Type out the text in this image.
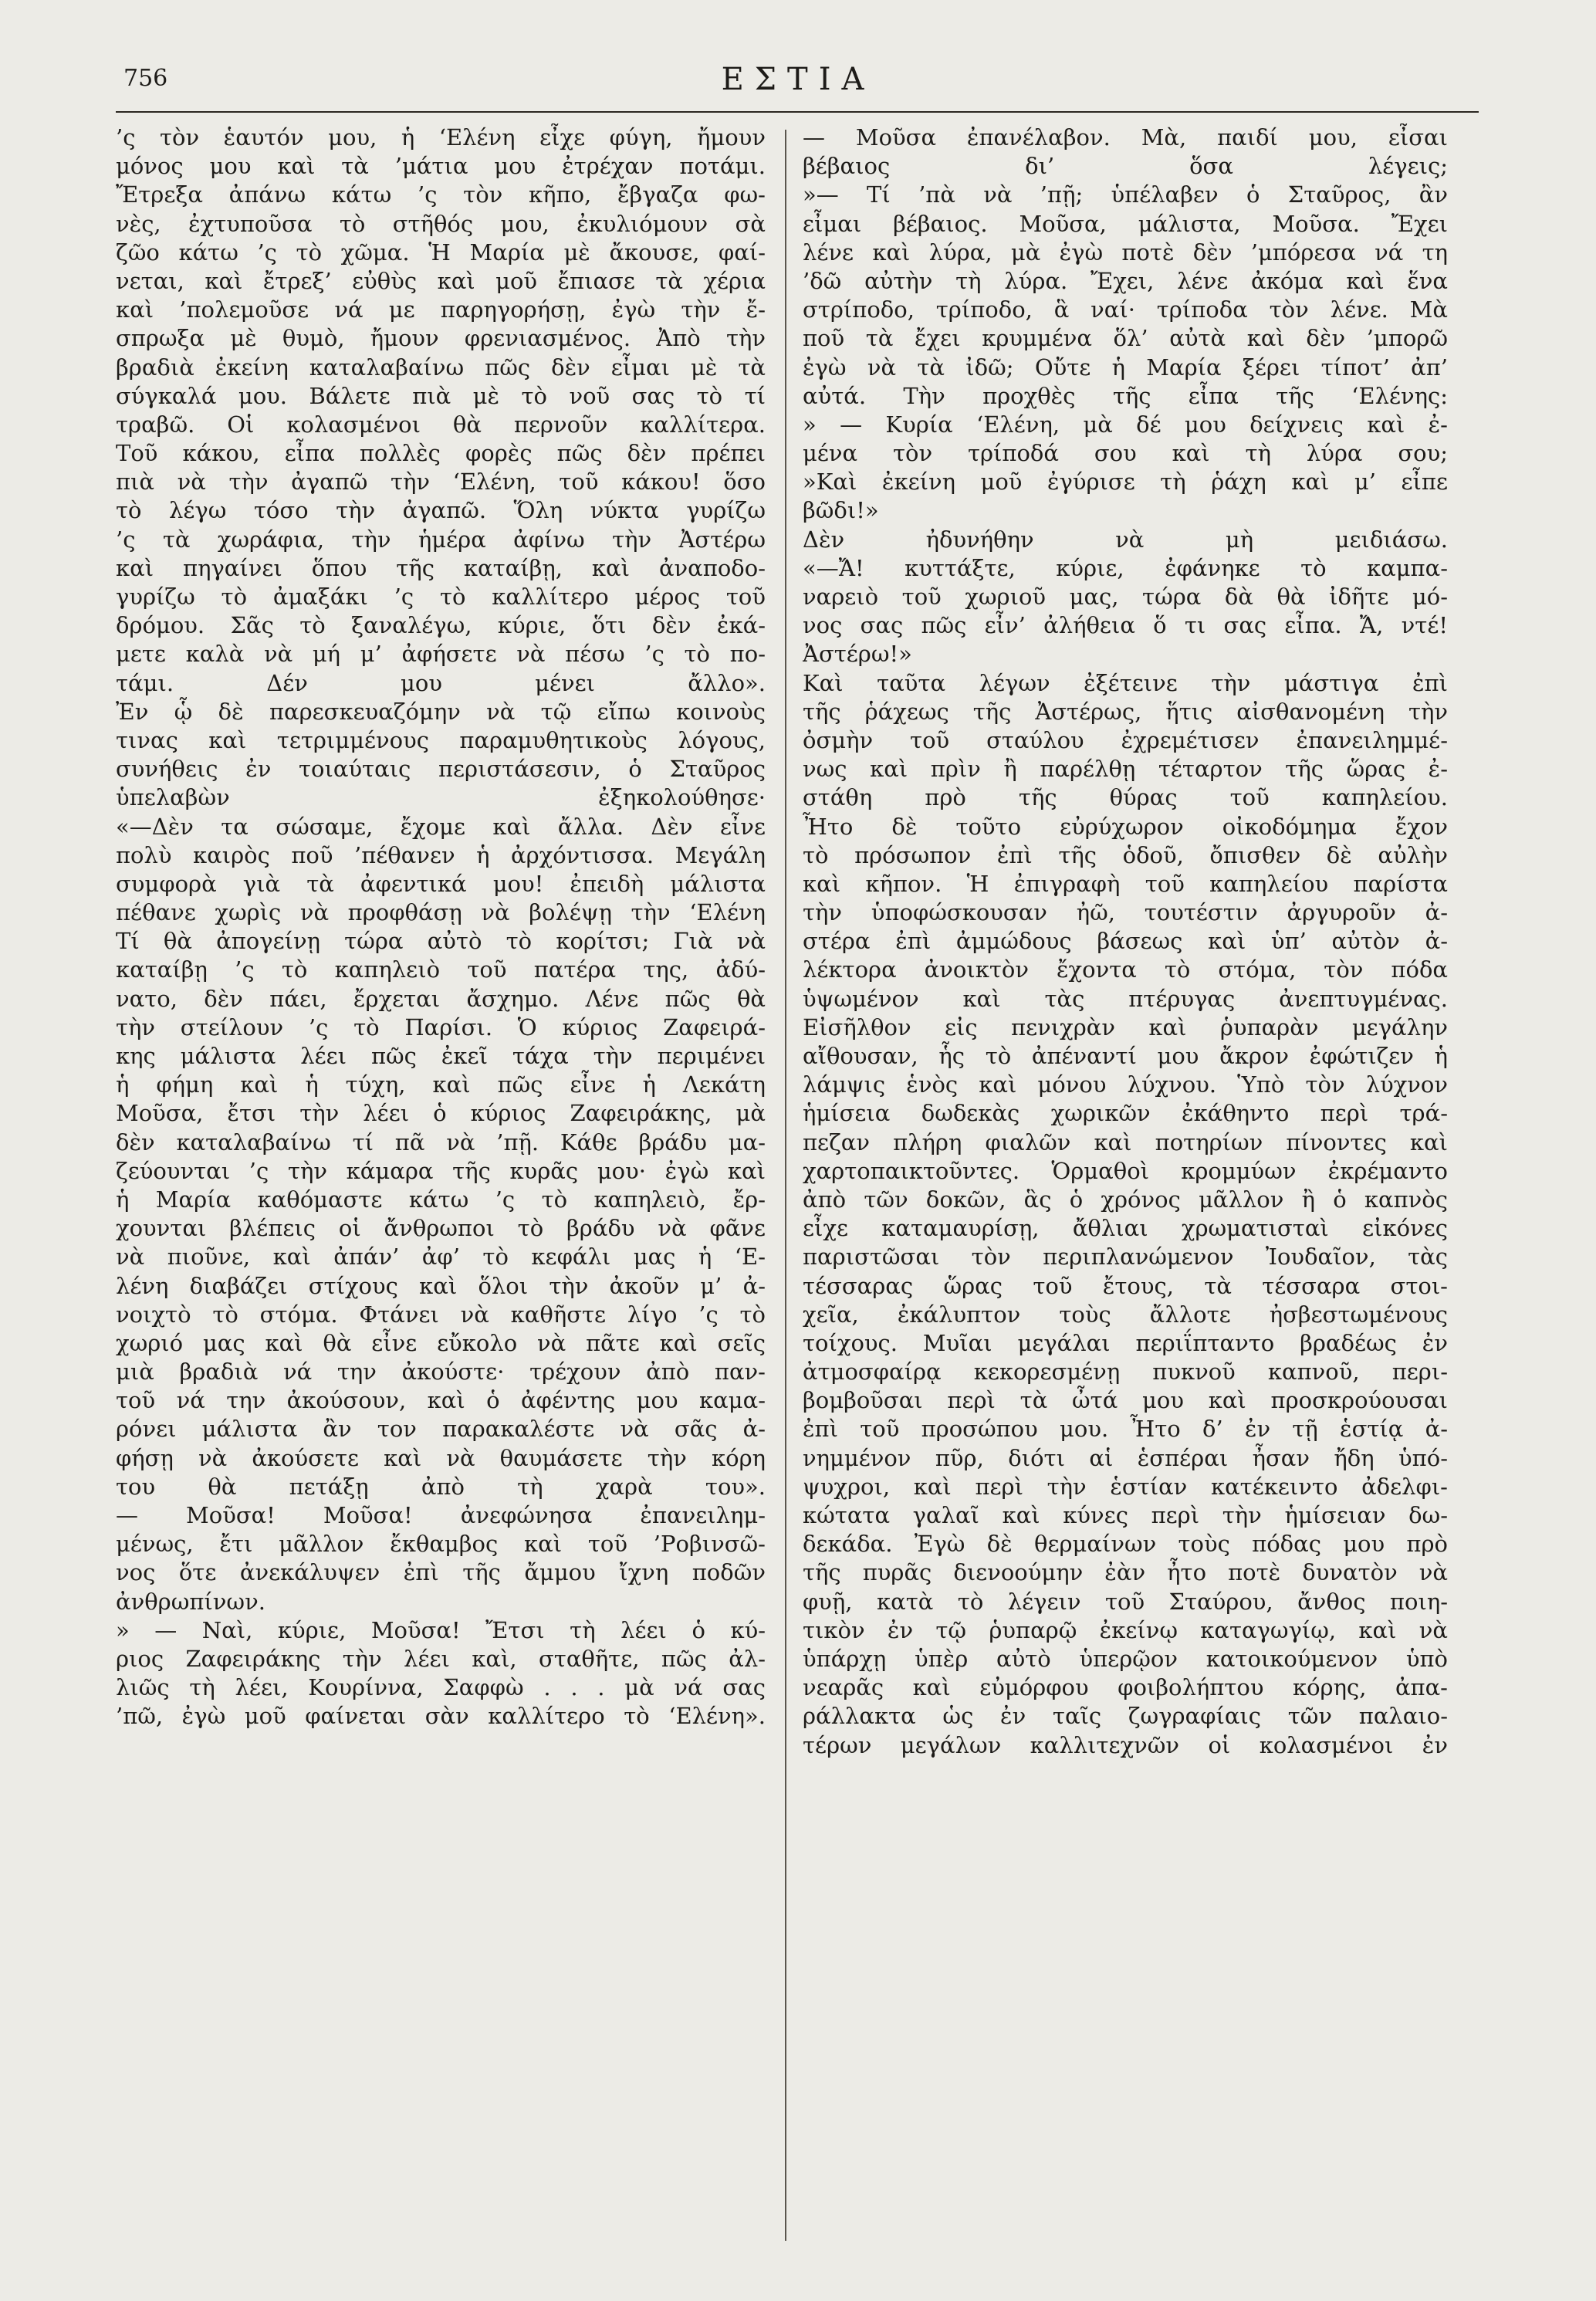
756	ΕΣΤΙΑ
’ς τὸν ἑαυτόν μου, ἡ ‘Ελένη εἶχε φύγη, ἤμουν
μόνος μου καὶ τὰ ’μάτια μου ἐτρέχαν ποτάμι.
Ἔτρεξα ἀπάνω κάτω ’ς τὸν κῆπο, ἔβγαζα φω-
νὲς, ἐχτυποῦσα τὸ στῆθός μου, ἐκυλιόμουν σὰ
ζῶο κάτω ’ς τὸ χῶμα. Ἡ Μαρία μὲ ἄκουσε, φαί-
νεται, καὶ ἔτρεξ’ εὐθὺς καὶ μοῦ ἔπιασε τὰ χέρια
καὶ ’πολεμοῦσε νά με παρηγορήσῃ, ἐγὼ τὴν ἔ-
σπρωξα μὲ θυμὸ, ἤμουν φρενιασμένος. Ἀπὸ τὴν
βραδιὰ ἐκείνη καταλαβαίνω πῶς δὲν εἶμαι μὲ τὰ
σύγκαλά μου. Βάλετε πιὰ μὲ τὸ νοῦ σας τὸ τί
τραβῶ. Οἱ κολασμένοι θὰ περνοῦν καλλίτερα.
Τοῦ κάκου, εἶπα πολλὲς φορὲς πῶς δὲν πρέπει
πιὰ νὰ τὴν ἀγαπῶ τὴν ‘Ελένη, τοῦ κάκου! ὅσο
τὸ λέγω τόσο τὴν ἀγαπῶ. Ὅλη νύκτα γυρίζω
’ς τὰ χωράφια, τὴν ἡμέρα ἀφίνω τὴν Ἀστέρω
καὶ πηγαίνει ὅπου τῆς καταίβῃ, καὶ ἀναποδο-
γυρίζω τὸ ἀμαξάκι ’ς τὸ καλλίτερο μέρος τοῦ
δρόμου. Σᾶς τὸ ξαναλέγω, κύριε, ὅτι δὲν ἐκά-
μετε καλὰ νὰ μή μ’ ἀφήσετε νὰ πέσω ’ς τὸ πο-
τάμι. Δέν μου μένει ἄλλο».
Ἐν ᾧ δὲ παρεσκευαζόμην νὰ τῷ εἴπω κοινοὺς
τινας καὶ τετριμμένους παραμυθητικοὺς λόγους,
συνήθεις ἐν τοιαύταις περιστάσεσιν, ὁ Σταῦρος
ὑπελαβὼν ἐξηκολούθησε·
«—Δὲν τα σώσαμε, ἔχομε καὶ ἄλλα. Δὲν εἶνε
πολὺ καιρὸς ποῦ ’πέθανεν ἡ ἀρχόντισσα. Μεγάλη
συμφορὰ γιὰ τὰ ἀφεντικά μου! ἐπειδὴ μάλιστα
πέθανε χωρὶς νὰ προφθάσῃ νὰ βολέψῃ τὴν ‘Ελένη
Τί θὰ ἀπογείνῃ τώρα αὐτὸ τὸ κορίτσι; Γιὰ νὰ
καταίβῃ ’ς τὸ καπηλειὸ τοῦ πατέρα της, ἀδύ-
νατο, δὲν πάει, ἔρχεται ἄσχημο. Λένε πῶς θὰ
τὴν στείλουν ’ς τὸ Παρίσι. Ὁ κύριος Ζαφειρά-
κης μάλιστα λέει πῶς ἐκεῖ τάχα τὴν περιμένει
ἡ φήμη καὶ ἡ τύχη, καὶ πῶς εἶνε ἡ Λεκάτη
Μοῦσα, ἔτσι τὴν λέει ὁ κύριος Ζαφειράκης, μὰ
δὲν καταλαβαίνω τί πᾶ νὰ ’πῇ. Κάθε βράδυ μα-
ζεύουνται ’ς τὴν κάμαρα τῆς κυρᾶς μου· ἐγὼ καὶ
ἡ Μαρία καθόμαστε κάτω ’ς τὸ καπηλειὸ, ἔρ-
χουνται βλέπεις οἱ ἄνθρωποι τὸ βράδυ νὰ φᾶνε
νὰ πιοῦνε, καὶ ἀπάν’ ἀφ’ τὸ κεφάλι μας ἡ ‘Ε-
λένη διαβάζει στίχους καὶ ὅλοι τὴν ἀκοῦν μ’ ἀ-
νοιχτὸ τὸ στόμα. Φτάνει νὰ καθῆστε λίγο ’ς τὸ
χωριό μας καὶ θὰ εἶνε εὔκολο νὰ πᾶτε καὶ σεῖς
μιὰ βραδιὰ νά την ἀκούστε· τρέχουν ἀπὸ παν-
τοῦ νά την ἀκούσουν, καὶ ὁ ἀφέντης μου καμα-
ρόνει μάλιστα ἂν τον παρακαλέστε νὰ σᾶς ἀ-
φήσῃ νὰ ἀκούσετε καὶ νὰ θαυμάσετε τὴν κόρη
του θὰ πετάξῃ ἀπὸ τὴ χαρὰ του».
— Μοῦσα! Μοῦσα! ἀνεφώνησα ἐπανειλημ-
μένως, ἔτι μᾶλλον ἔκθαμβος καὶ τοῦ ’Ροβινσῶ-
νος ὅτε ἀνεκάλυψεν ἐπὶ τῆς ἄμμου ἴχνη ποδῶν
ἀνθρωπίνων.
» — Ναὶ, κύριε, Μοῦσα! Ἔτσι τὴ λέει ὁ κύ-
ριος Ζαφειράκης τὴν λέει καὶ, σταθῆτε, πῶς ἀλ-
λιῶς τὴ λέει, Κουρίννα, Σαφφὼ . . . μὰ νά σας
’πῶ, ἐγὼ μοῦ φαίνεται σὰν καλλίτερο τὸ ‘Ελένη».
— Μοῦσα ἐπανέλαβον. Μὰ, παιδί μου, εἶσαι
βέβαιος δι’ ὅσα λέγεις;
»— Τί ’πὰ νὰ ’πῇ; ὑπέλαβεν ὁ Σταῦρος, ἂν
εἶμαι βέβαιος. Μοῦσα, μάλιστα, Μοῦσα. Ἔχει
λένε καὶ λύρα, μὰ ἐγὼ ποτὲ δὲν ’μπόρεσα νά τη
’δῶ αὐτὴν τὴ λύρα. Ἔχει, λένε ἀκόμα καὶ ἕνα
στρίποδο, τρίποδο, ἃ ναί· τρίποδα τὸν λένε. Μὰ
ποῦ τὰ ἔχει κρυμμένα ὅλ’ αὐτὰ καὶ δὲν ’μπορῶ
ἐγὼ νὰ τὰ ἰδῶ; Οὔτε ἡ Μαρία ξέρει τίποτ’ ἀπ’
αὐτά. Τὴν προχθὲς τῆς εἶπα τῆς ‘Ελένης:
» — Κυρία ‘Ελένη, μὰ δέ μου δείχνεις καὶ ἐ-
μένα τὸν τρίποδά σου καὶ τὴ λύρα σου;
»Καὶ ἐκείνη μοῦ ἐγύρισε τὴ ῥάχη καὶ μ’ εἶπε
βῶδι!»
Δὲν ἠδυνήθην νὰ μὴ μειδιάσω.
«—Ἄ! κυττάξτε, κύριε, ἐφάνηκε τὸ καμπα-
ναρειὸ τοῦ χωριοῦ μας, τώρα δὰ θὰ ἰδῆτε μό-
νος σας πῶς εἶν’ ἀλήθεια ὅ τι σας εἶπα. Ἄ, ντέ!
Ἀστέρω!»
Καὶ ταῦτα λέγων ἐξέτεινε τὴν μάστιγα ἐπὶ
τῆς ῥάχεως τῆς Ἀστέρως, ἥτις αἰσθανομένη τὴν
ὀσμὴν τοῦ σταύλου ἐχρεμέτισεν ἐπανειλημμέ-
νως καὶ πρὶν ἢ παρέλθῃ τέταρτον τῆς ὥρας ἐ-
στάθη πρὸ τῆς θύρας τοῦ καπηλείου.
Ἦτο δὲ τοῦτο εὐρύχωρον οἰκοδόμημα ἔχον
τὸ πρόσωπον ἐπὶ τῆς ὁδοῦ, ὄπισθεν δὲ αὐλὴν
καὶ κῆπον. Ἡ ἐπιγραφὴ τοῦ καπηλείου παρίστα
τὴν ὑποφώσκουσαν ἠῶ, τουτέστιν ἀργυροῦν ἀ-
στέρα ἐπὶ ἀμμώδους βάσεως καὶ ὑπ’ αὐτὸν ἀ-
λέκτορα ἀνοικτὸν ἔχοντα τὸ στόμα, τὸν πόδα
ὑψωμένον καὶ τὰς πτέρυγας ἀνεπτυγμένας.
Εἰσῆλθον εἰς πενιχρὰν καὶ ῥυπαρὰν μεγάλην
αἴθουσαν, ἧς τὸ ἀπέναντί μου ἄκρον ἐφώτιζεν ἡ
λάμψις ἑνὸς καὶ μόνου λύχνου. Ὑπὸ τὸν λύχνον
ἡμίσεια δωδεκὰς χωρικῶν ἐκάθηντο περὶ τρά-
πεζαν πλήρη φιαλῶν καὶ ποτηρίων πίνοντες καὶ
χαρτοπαικτοῦντες. Ὁρμαθοὶ κρομμύων ἐκρέμαντο
ἀπὸ τῶν δοκῶν, ἃς ὁ χρόνος μᾶλλον ἢ ὁ καπνὸς
εἶχε καταμαυρίσῃ, ἄθλιαι χρωματισταὶ εἰκόνες
παριστῶσαι τὸν περιπλανώμενον Ἰουδαῖον, τὰς
τέσσαρας ὥρας τοῦ ἔτους, τὰ τέσσαρα στοι-
χεῖα, ἐκάλυπτον τοὺς ἄλλοτε ἠσβεστωμένους
τοίχους. Μυῖαι μεγάλαι περιΐπταντο βραδέως ἐν
ἀτμοσφαίρᾳ κεκορεσμένῃ πυκνοῦ καπνοῦ, περι-
βομβοῦσαι περὶ τὰ ὦτά μου καὶ προσκρούουσαι
ἐπὶ τοῦ προσώπου μου. Ἦτο δ’ ἐν τῇ ἑστίᾳ ἀ-
νημμένον πῦρ, διότι αἱ ἑσπέραι ἦσαν ἤδη ὑπό-
ψυχροι, καὶ περὶ τὴν ἑστίαν κατέκειντο ἀδελφι-
κώτατα γαλαῖ καὶ κύνες περὶ τὴν ἡμίσειαν δω-
δεκάδα. Ἐγὼ δὲ θερμαίνων τοὺς πόδας μου πρὸ
τῆς πυρᾶς διενοούμην ἐὰν ἦτο ποτὲ δυνατὸν νὰ
φυῇ, κατὰ τὸ λέγειν τοῦ Σταύρου, ἄνθος ποιη-
τικὸν ἐν τῷ ῥυπαρῷ ἐκείνῳ καταγωγίῳ, καὶ νὰ
ὑπάρχῃ ὑπὲρ αὐτὸ ὑπερῷον κατοικούμενον ὑπὸ
νεαρᾶς καὶ εὐμόρφου φοιβολήπτου κόρης, ἀπα-
ράλλακτα ὡς ἐν ταῖς ζωγραφίαις τῶν παλαιο-
τέρων μεγάλων καλλιτεχνῶν οἱ κολασμένοι ἐν
